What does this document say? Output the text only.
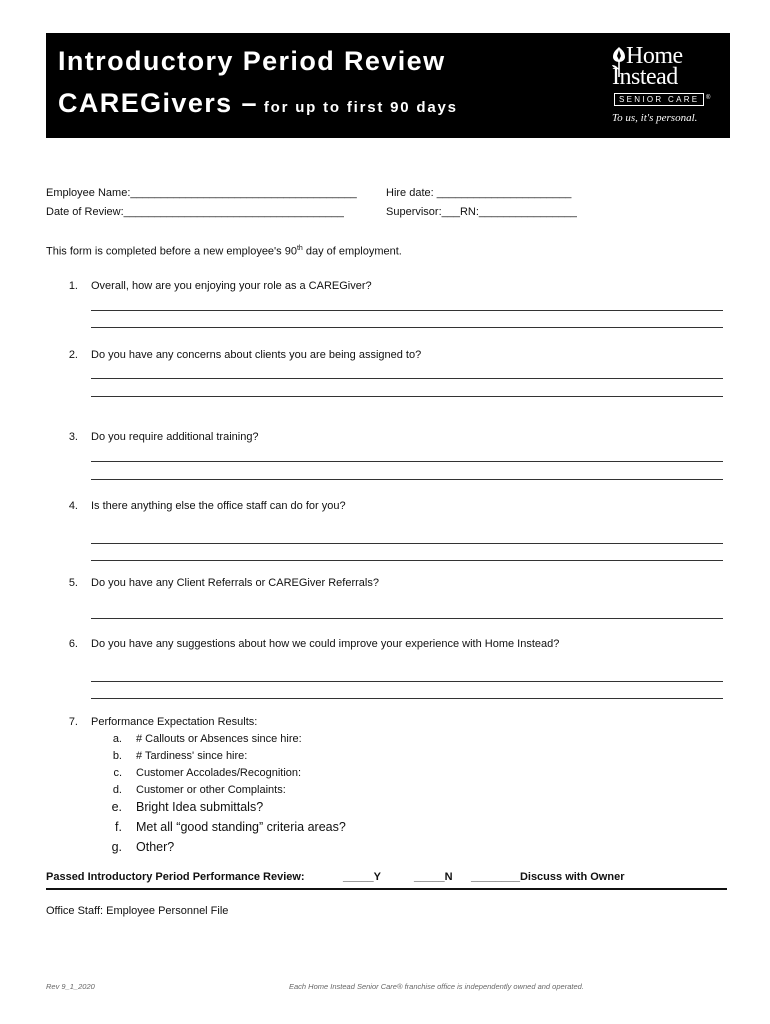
Introductory Period Review
CAREGivers – for up to first 90 days
Home
Instead
SENIOR CARE	®
To us, it's personal.
Employee Name:_____________________________________	Hire date: ______________________
Date of Review:____________________________________	Supervisor:___RN:________________
This form is completed before a new employee's 90th day of employment.
1. Overall, how are you enjoying your role as a CAREGiver?
2. Do you have any concerns about clients you are being assigned to?
3. Do you require additional training?
4. Is there anything else the office staff can do for you?
5. Do you have any Client Referrals or CAREGiver Referrals?
6. Do you have any suggestions about how we could improve your experience with Home Instead?
7. Performance Expectation Results:
a. # Callouts or Absences since hire:
b. # Tardiness' since hire:
c. Customer Accolades/Recognition:
d. Customer or other Complaints:
e. Bright Idea submittals?
f. Met all “good standing” criteria areas?
g. Other?
Passed Introductory Period Performance Review:	_____Y	_____N ________Discuss with Owner
Office Staff: Employee Personnel File
Rev 9_1_2020	Each Home Instead Senior Care® franchise office is independently owned and operated.
